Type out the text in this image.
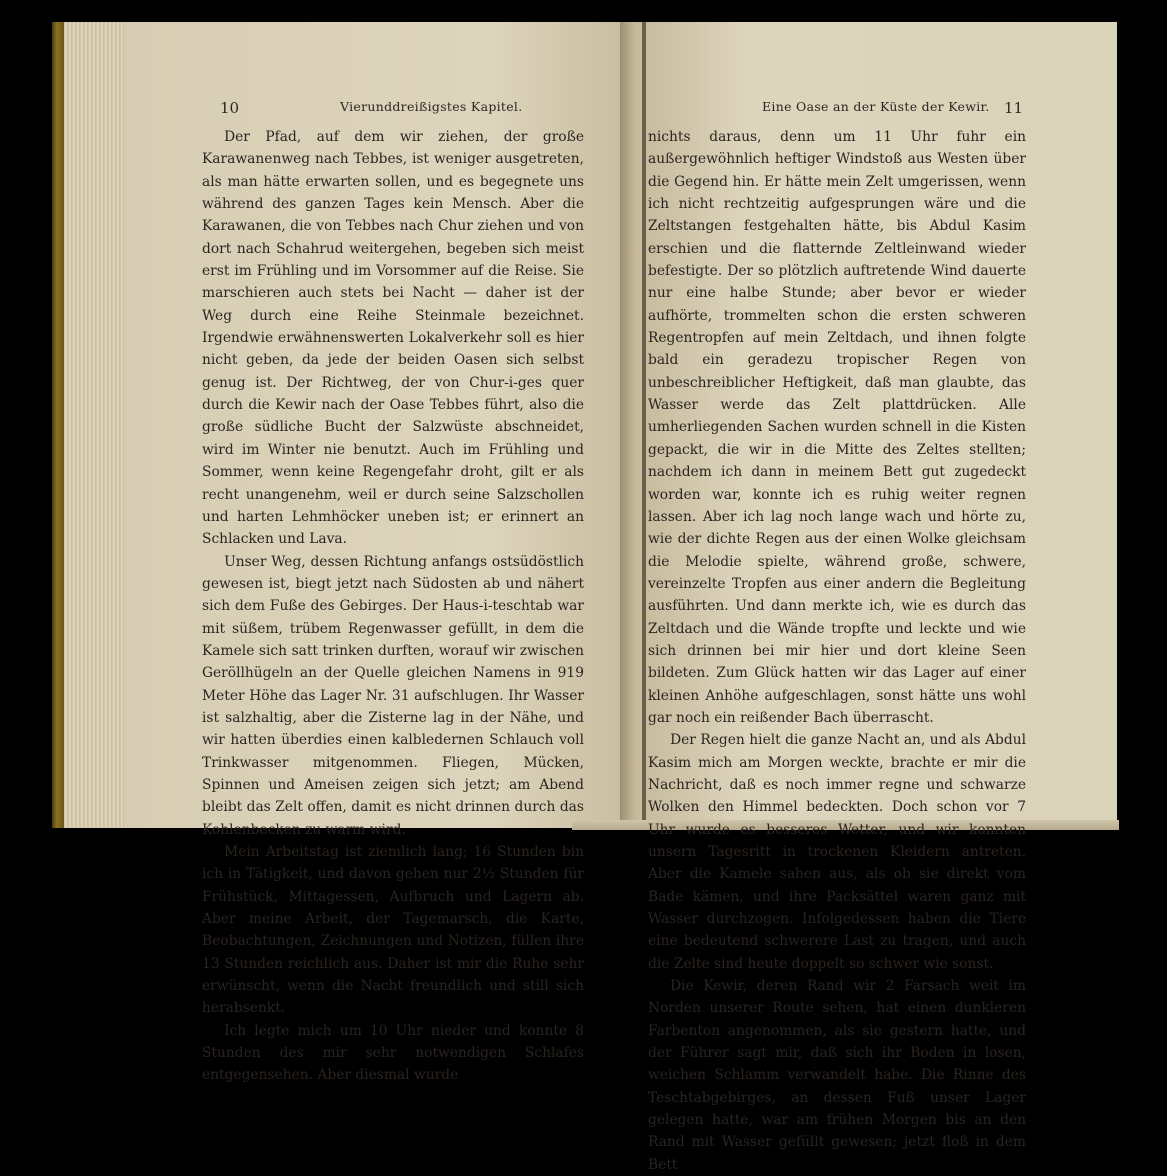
10	Vierunddreißigstes Kapitel.	Eine Oase an der Küste der Kewir. 11

Der Pfad, auf dem wir ziehen, der große Karawanenweg nach Tebbes, ist weniger ausgetreten, als man hätte erwarten sollen, und es begegnete uns während des ganzen Tages kein Mensch. Aber die Karawanen, die von Tebbes nach Chur ziehen und von dort nach Schahrud weitergehen, begeben sich meist erst im Frühling und im Vorsommer auf die Reise. Sie marschieren auch stets bei Nacht — daher ist der Weg durch eine Reihe Steinmale bezeichnet. Irgendwie erwähnenswerten Lokalverkehr soll es hier nicht geben, da jede der beiden Oasen sich selbst genug ist. Der Richtweg, der von Chur-i-ges quer durch die Kewir nach der Oase Tebbes führt, also die große südliche Bucht der Salzwüste abschneidet, wird im Winter nie benutzt. Auch im Frühling und Sommer, wenn keine Regengefahr droht, gilt er als recht unangenehm, weil er durch seine Salzschollen und harten Lehmhöcker uneben ist; er erinnert an Schlacken und Lava.

Unser Weg, dessen Richtung anfangs ostsüdöstlich gewesen ist, biegt jetzt nach Südosten ab und nähert sich dem Fuße des Gebirges. Der Haus-i-teschtab war mit süßem, trübem Regenwasser gefüllt, in dem die Kamele sich satt trinken durften, worauf wir zwischen Geröllhügeln an der Quelle gleichen Namens in 919 Meter Höhe das Lager Nr. 31 aufschlugen. Ihr Wasser ist salzhaltig, aber die Zisterne lag in der Nähe, und wir hatten überdies einen kalbledernen Schlauch voll Trinkwasser mitgenommen. Fliegen, Mücken, Spinnen und Ameisen zeigen sich jetzt; am Abend bleibt das Zelt offen, damit es nicht drinnen durch das Kohlenbecken zu warm wird.

Mein Arbeitstag ist ziemlich lang; 16 Stunden bin ich in Tätigkeit, und davon gehen nur 2½ Stunden für Frühstück, Mittagessen, Aufbruch und Lagern ab. Aber meine Arbeit, der Tagemarsch, die Karte, Beobachtungen, Zeichnungen und Notizen, füllen ihre 13 Stunden reichlich aus. Daher ist mir die Ruhe sehr erwünscht, wenn die Nacht freundlich und still sich herabsenkt.

Ich legte mich um 10 Uhr nieder und konnte 8 Stunden des mir sehr notwendigen Schlafes entgegensehen. Aber diesmal wurde

nichts daraus, denn um 11 Uhr fuhr ein außergewöhnlich heftiger Windstoß aus Westen über die Gegend hin. Er hätte mein Zelt umgerissen, wenn ich nicht rechtzeitig aufgesprungen wäre und die Zeltstangen festgehalten hätte, bis Abdul Kasim erschien und die flatternde Zeltleinwand wieder befestigte. Der so plötzlich auftretende Wind dauerte nur eine halbe Stunde; aber bevor er wieder aufhörte, trommelten schon die ersten schweren Regentropfen auf mein Zeltdach, und ihnen folgte bald ein geradezu tropischer Regen von unbeschreiblicher Heftigkeit, daß man glaubte, das Wasser werde das Zelt plattdrücken. Alle umherliegenden Sachen wurden schnell in die Kisten gepackt, die wir in die Mitte des Zeltes stellten; nachdem ich dann in meinem Bett gut zugedeckt worden war, konnte ich es ruhig weiter regnen lassen. Aber ich lag noch lange wach und hörte zu, wie der dichte Regen aus der einen Wolke gleichsam die Melodie spielte, während große, schwere, vereinzelte Tropfen aus einer andern die Begleitung ausführten. Und dann merkte ich, wie es durch das Zeltdach und die Wände tropfte und leckte und wie sich drinnen bei mir hier und dort kleine Seen bildeten. Zum Glück hatten wir das Lager auf einer kleinen Anhöhe aufgeschlagen, sonst hätte uns wohl gar noch ein reißender Bach überrascht.

Der Regen hielt die ganze Nacht an, und als Abdul Kasim mich am Morgen weckte, brachte er mir die Nachricht, daß es noch immer regne und schwarze Wolken den Himmel bedeckten. Doch schon vor 7 Uhr wurde es besseres Wetter, und wir konnten unsern Tagesritt in trockenen Kleidern antreten. Aber die Kamele sahen aus, als ob sie direkt vom Bade kämen, und ihre Packsättel waren ganz mit Wasser durchzogen. Infolgedessen haben die Tiere eine bedeutend schwerere Last zu tragen, und auch die Zelte sind heute doppelt so schwer wie sonst.

Die Kewir, deren Rand wir 2 Farsach weit im Norden unserer Route sehen, hat einen dunkleren Farbenton angenommen, als sie gestern hatte, und der Führer sagt mir, daß sich ihr Boden in losen, weichen Schlamm verwandelt habe. Die Rinne des Teschtabgebirges, an dessen Fuß unser Lager gelegen hatte, war am frühen Morgen bis an den Rand mit Wasser gefüllt gewesen; jetzt floß in dem Bett
